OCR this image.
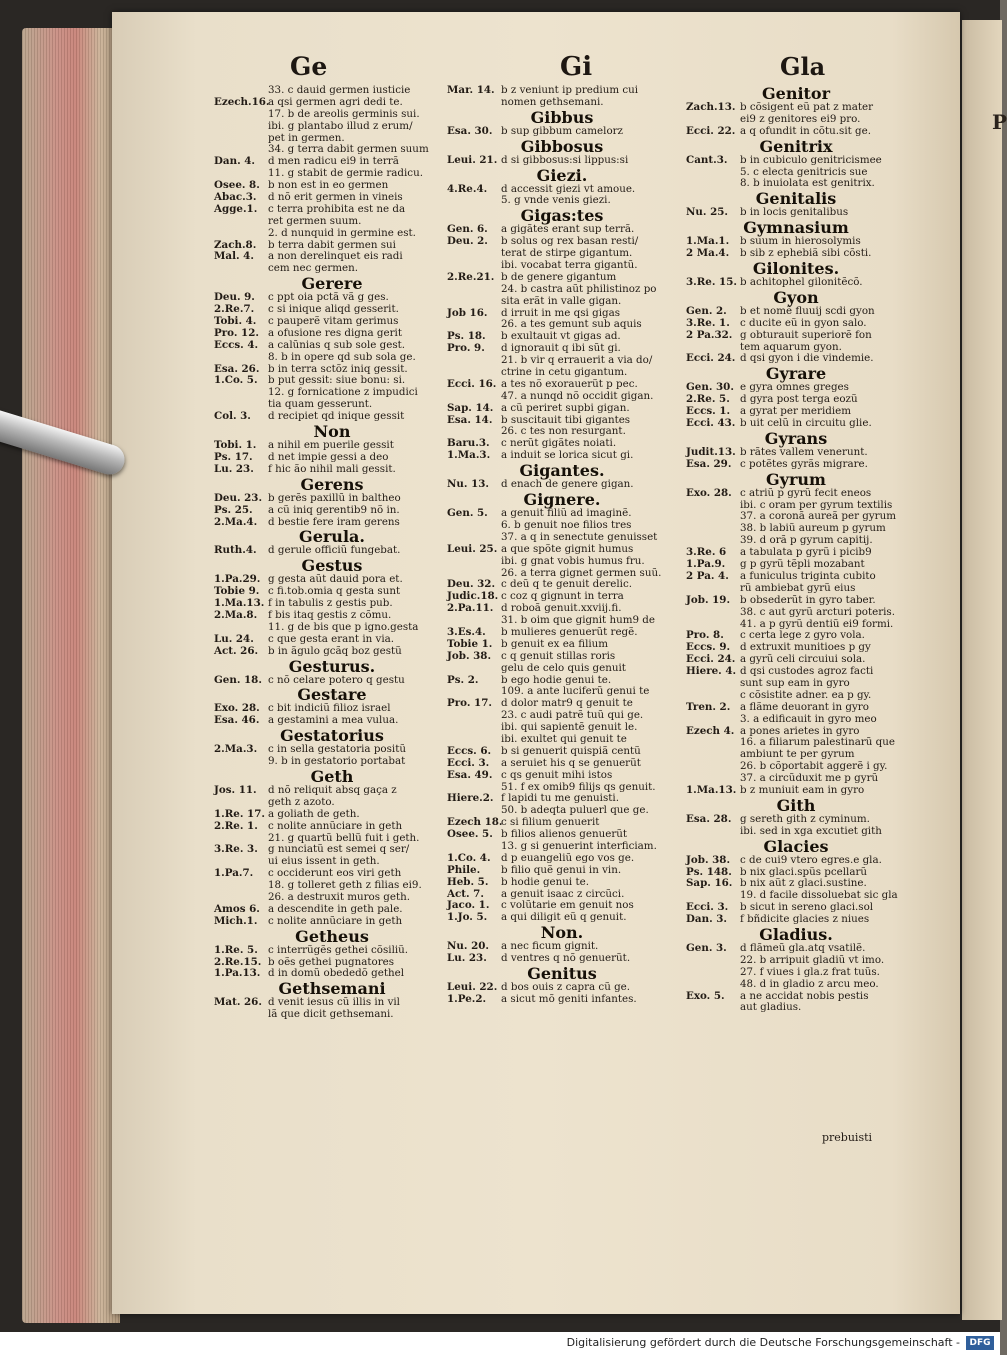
P
Ge	Gi	Gla
33. c dauid germen iusticie
Ezech.16.a qsi germen agri dedi te.
17. b de areolis germinis sui.
ibi. g plantabo illud z erum/
pet in germen.
34. g terra dabit germen suum
Dan. 4. d men radicu ei9 in terrã
11. g stabit de germie radicu.
Osee. 8. b non est in eo germen
Abac.3. d nõ erit germen in vineis
Agge.1. c terra prohibita est ne da
ret germen suum.
2. d nunquid in germine est.
Zach.8. b terra dabit germen sui
Mal. 4. a non derelinquet eis radi
cem nec germen.
Gerere
Deu. 9. c ppt oia pctã vã g ges.
2.Re.7. c si inique aliqd gesserit.
Tobi. 4. c pauperẽ vitam gerimus
Pro. 12. a ofusione res digna gerit
Eccs. 4. a calũnias q sub sole gest.
8. b in opere qd sub sola ge.
Esa. 26. b in terra sctõz iniq gessit.
1.Co. 5. b put gessit: siue bonu: si.
12. g fornicatione z impudici
tia quam gesserunt.
Col. 3. d recipiet qd inique gessit
Non
Tobi. 1. a nihil em puerile gessit
Ps. 17. d net impie gessi a deo
Lu. 23. f hic ão nihil mali gessit.
Gerens
Deu. 23. b gerẽs paxillũ in baltheo
Ps. 25. a cũ iniq gerentib9 nõ in.
2.Ma.4. d bestie fere iram gerens
Gerula.
Ruth.4. d gerule officiũ fungebat.
Gestus
1.Pa.29. g gesta aũt dauid pora et.
Tobie 9. c fi.tob.omia q gesta sunt
1.Ma.13. f in tabulis z gestis pub.
2.Ma.8. f bis itaq gestis z cõmu.
11. g de bis que p igno.gesta
Lu. 24. c que gesta erant in via.
Act. 26. b in ãgulo gcãq boz gestũ
Gesturus.
Gen. 18. c nõ celare potero q gestu
Gestare
Exo. 28. c bit indiciũ filioz israel
Esa. 46. a gestamini a mea vulua.
Gestatorius
2.Ma.3. c in sella gestatoria positũ
9. b in gestatorio portabat
Geth
Jos. 11. d nõ reliquit absq gaça z
geth z azoto.
1.Re. 17. a goliath de geth.
2.Re. 1. c nolite annũciare in geth
21. g quartũ bellũ fuit i geth.
3.Re. 3. g nunciatũ est semei q ser/
ui eius issent in geth.
1.Pa.7. c occiderunt eos viri geth
18. g tolleret geth z filias ei9.
26. a destruxit muros geth.
Amos 6. a descendite in geth pale.
Mich.1. c nolite annũciare in geth
Getheus
1.Re. 5. c interrũgẽs gethei cõsiliũ.
2.Re.15. b oẽs gethei pugnatores
1.Pa.13. d in domũ obededõ gethel
Gethsemani
Mat. 26. d venit iesus cũ illis in vil
lã que dicit gethsemani.
Mar. 14. b z veniunt ip predium cui
nomen gethsemani.
Gibbus
Esa. 30. b sup gibbum camelorz
Gibbosus
Leui. 21. d si gibbosus:si lippus:si
Giezi.
4.Re.4. d accessit giezi vt amoue.
5. g vnde venis giezi.
Gigas:tes
Gen. 6. a gigãtes erant sup terrã.
Deu. 2. b solus og rex basan resti/
terat de stirpe gigantum.
ibi. vocabat terra gigantũ.
2.Re.21. b de genere gigantum
24. b castra aũt philistinoz po
sita erãt in valle gigan.
Job 16. d irruit in me qsi gigas
26. a tes gemunt sub aquis
Ps. 18. b exultauit vt gigas ad.
Pro. 9. d ignorauit q ibi sũt gi.
21. b vir q errauerit a via do/
ctrine in cetu gigantum.
Ecci. 16. a tes nõ exorauerũt p pec.
47. a nunqd nõ occidit gigan.
Sap. 14. a cũ periret supbi gigan.
Esa. 14. b suscitauit tibi gigantes
26. c tes non resurgant.
Baru.3. c nerũt gigãtes noiati.
1.Ma.3. a induit se lorica sicut gi.
Gigantes.
Nu. 13. d enach de genere gigan.
Gignere.
Gen. 5. a genuit filiũ ad imaginẽ.
6. b genuit noe filios tres
37. a q in senectute genuisset
Leui. 25. a que spõte gignit humus
ibi. g gnat vobis humus fru.
26. a terra gignet germen suũ.
Deu. 32. c deũ q te genuit derelic.
Judic.18. c coz q gignunt in terra
2.Pa.11. d roboã genuit.xxviij.fi.
31. b oim que gignit hum9 de
3.Es.4. b mulieres genuerũt regẽ.
Tobie 1. b genuit ex ea filium
Job. 38. c q genuit stillas roris
gelu de celo quis genuit
Ps. 2. b ego hodie genui te.
109. a ante luciferũ genui te
Pro. 17. d dolor matr9 q genuit te
23. c audi patrẽ tuũ qui ge.
ibi. qui sapientẽ genuit le.
ibi. exultet qui genuit te
Eccs. 6. b si genuerit quispiã centũ
Ecci. 3. a seruiet his q se genuerũt
Esa. 49. c qs genuit mihi istos
51. f ex omib9 filijs qs genuit.
Hiere.2. f lapidi tu me genuisti.
50. b adeqta puluerl que ge.
Ezech 18.c si filium genuerit
Osee. 5. b filios alienos genuerũt
13. g si genuerint interficiam.
1.Co. 4. d p euangeliũ ego vos ge.
Phile. b filio quẽ genui in vin.
Heb. 5. b hodie genui te.
Act. 7. a genuit isaac z circũci.
Jaco. 1. c volũtarie em genuit nos
1.Jo. 5. a qui diligit eũ q genuit.
Non.
Nu. 20. a nec ficum gignit.
Lu. 23. d ventres q nõ genuerũt.
Genitus
Leui. 22. d bos ouis z capra cũ ge.
1.Pe.2. a sicut mõ geniti infantes.
Genitor
Zach.13. b cõsigent eũ pat z mater
ei9 z genitores ei9 pro.
Ecci. 22. a q ofundit in cõtu.sit ge.
Genitrix
Cant.3. b in cubiculo genitricismee
5. c electa genitricis sue
8. b inuiolata est genitrix.
Genitalis
Nu. 25. b in locis genitalibus
Gymnasium
1.Ma.1. b suum in hierosolymis
2 Ma.4. b sib z ephebiã sibi cõsti.
Gilonites.
3.Re. 15. b achitophel gilonitẽcõ.
Gyon
Gen. 2. b et nomẽ fluuij scdi gyon
3.Re. 1. c ducite eũ in gyon salo.
2 Pa.32. g obturauit superiorẽ fon
tem aquarum gyon.
Ecci. 24. d qsi gyon i die vindemie.
Gyrare
Gen. 30. e gyra omnes greges
2.Re. 5. d gyra post terga eozũ
Eccs. 1. a gyrat per meridiem
Ecci. 43. b uit celũ in circuitu glie.
Gyrans
Judit.13. b rãtes vallem venerunt.
Esa. 29. c potẽtes gyrãs migrare.
Gyrum
Exo. 28. c atriũ p gyrũ fecit eneos
ibi. c oram per gyrum textilis
37. a coronã aureã per gyrum
38. b labiũ aureum p gyrum
39. d orã p gyrum capitij.
3.Re. 6 a tabulata p gyrũ i picib9
1.Pa.9. g p gyrũ tẽpli mozabant
2 Pa. 4. a funiculus triginta cubito
rũ ambiebat gyrũ eius
Job. 19. b obsederũt in gyro taber.
38. c aut gyrũ arcturi poteris.
41. a p gyrũ dentiũ ei9 formi.
Pro. 8. c certa lege z gyro vola.
Eccs. 9. d extruxit munitioes p gy
Ecci. 24. a gyrũ celi circuiui sola.
Hiere. 4. d qsi custodes agroz facti
sunt sup eam in gyro
c cõsistite adner. ea p gy.
Tren. 2. a flãme deuorant in gyro
3. a edificauit in gyro meo
Ezech 4. a pones arietes in gyro
16. a filiarum palestinarũ que
ambiunt te per gyrum
26. b cõportabit aggerẽ i gy.
37. a circũduxit me p gyrũ
1.Ma.13. b z muniuit eam in gyro
Gith
Esa. 28. g sereth gith z cyminum.
ibi. sed in xga excutiet gith
Glacies
Job. 38. c de cui9 vtero egres.e gla.
Ps. 148. b nix glaci.spũs pcellarũ
Sap. 16. b nix aũt z glaci.sustine.
19. d facile dissoluebat sic gla
Ecci. 3. b sicut in sereno glaci.sol
Dan. 3. f bñdicite glacies z niues
Gladius.
Gen. 3. d flãmeũ gla.atq vsatilẽ.
22. b arripuit gladiũ vt imo.
27. f viues i gla.z frat tuũs.
48. d in gladio z arcu meo.
Exo. 5. a ne accidat nobis pestis
aut gladius.
prebuisti
Digitalisierung gefördert durch die Deutsche Forschungsgemeinschaft -	DFG
